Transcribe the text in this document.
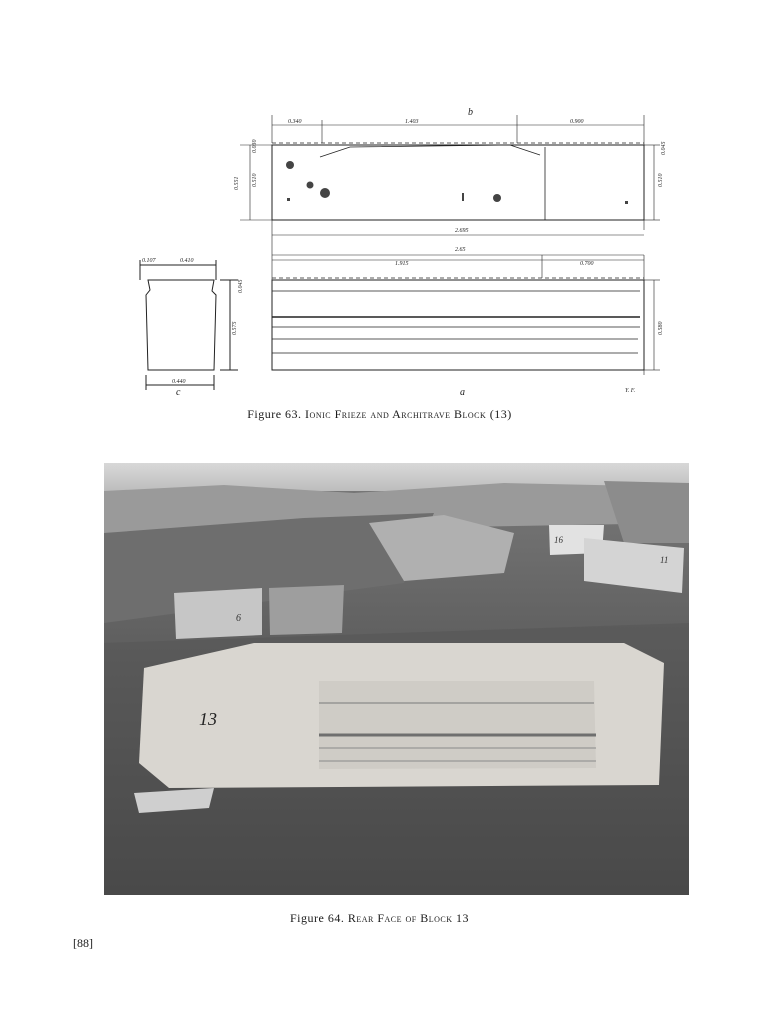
b
0.340	1.403	0.900
0.551 0.510	0.510
0.045
0.030
2.695
2.65
1.915	0.700
0.580
a	Y. F.
0.107	0.410
0.575
0.045
0.440
c
Figure 63. Ionic Frieze and Architrave Block (13)
13
6
16
11
Figure 64. Rear Face of Block 13
[88]
